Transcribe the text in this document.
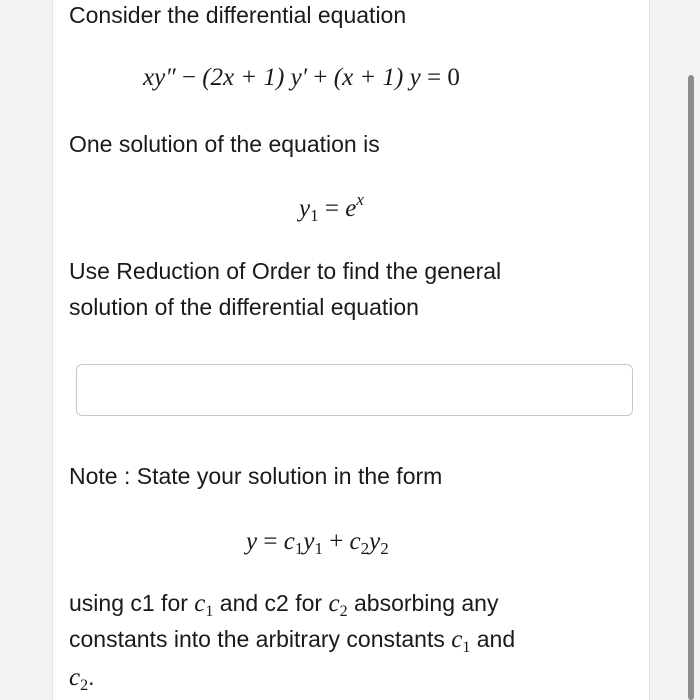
Consider the differential equation
xy″ − (2x + 1) y′ + (x + 1) y = 0
One solution of the equation is
$y_1 = e^x$
Use Reduction of Order to find the general
solution of the differential equation
Note : State your solution in the form
$y = c_1y_1 + c_2y_2$
using c1 for $c_1$ and c2 for $c_2$ absorbing any
constants into the arbitrary constants $c_1$ and
$c_2$.
